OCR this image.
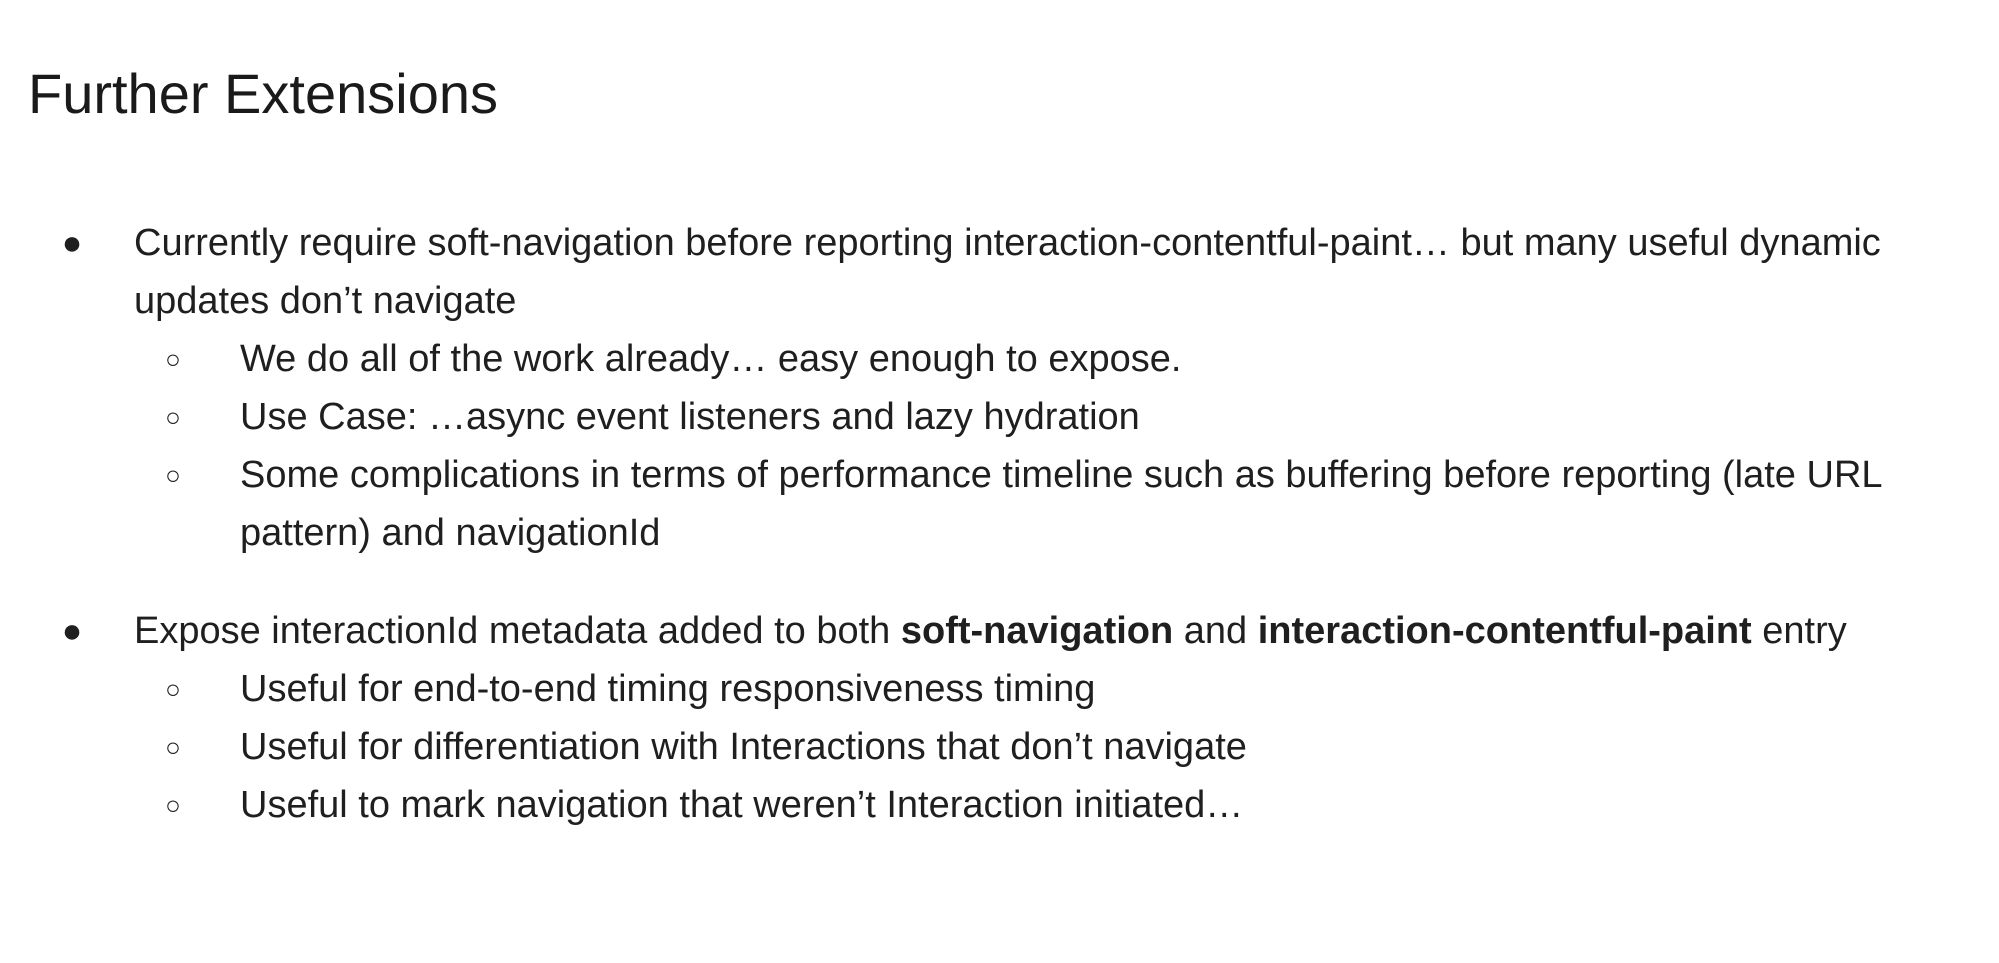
Further Extensions
● Currently require soft-navigation before reporting interaction-contentful-paint… but many useful dynamic updates don’t navigate
○ We do all of the work already… easy enough to expose.
○ Use Case: …async event listeners and lazy hydration
○ Some complications in terms of performance timeline such as buffering before reporting (late URL pattern) and navigationId
● Expose interactionId metadata added to both soft-navigation and interaction-contentful-paint entry
○ Useful for end-to-end timing responsiveness timing
○ Useful for differentiation with Interactions that don’t navigate
○ Useful to mark navigation that weren’t Interaction initiated…
